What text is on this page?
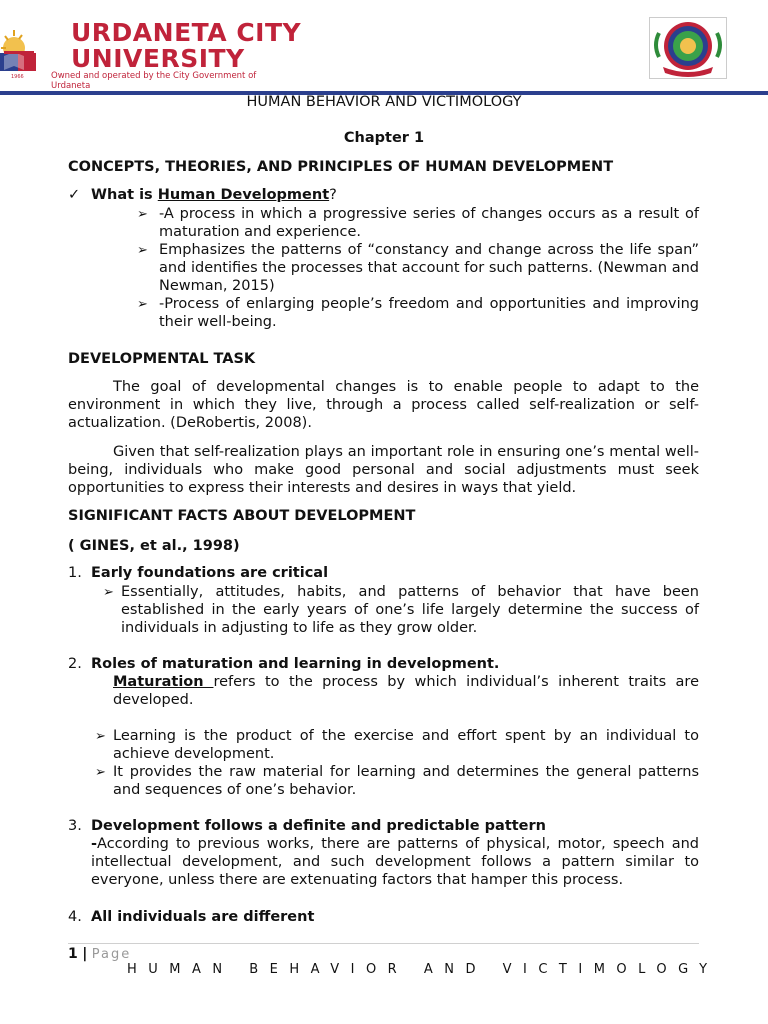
1966
URDANETA CITY
UNIVERSITY
Owned and operated by the City Government of Urdaneta
HUMAN BEHAVIOR AND VICTIMOLOGY
Chapter 1
CONCEPTS, THEORIES, AND PRINCIPLES OF HUMAN DEVELOPMENT
✓ What is Human Development?
➢ -A process in which a progressive series of changes occurs as a result of maturation and experience.
➢ Emphasizes the patterns of “constancy and change across the life span” and identifies the processes that account for such patterns. (Newman and Newman, 2015)
➢ -Process of enlarging people’s freedom and opportunities and improving their well-being.
DEVELOPMENTAL TASK
The goal of developmental changes is to enable people to adapt to the environment in which they live, through a process called self-realization or self-actualization. (DeRobertis, 2008).
Given that self-realization plays an important role in ensuring one’s mental well-being, individuals who make good personal and social adjustments must seek opportunities to express their interests and desires in ways that yield.
SIGNIFICANT FACTS ABOUT DEVELOPMENT
( GINES, et al., 1998)
1. Early foundations are critical
➢ Essentially, attitudes, habits, and patterns of behavior that have been established in the early years of one’s life largely determine the success of individuals in adjusting to life as they grow older.
2. Roles of maturation and learning in development.
Maturation refers to the process by which individual’s inherent traits are developed.
➢ Learning is the product of the exercise and effort spent by an individual to achieve development.
➢ It provides the raw material for learning and determines the general patterns and sequences of one’s behavior.
3. Development follows a definite and predictable pattern
-According to previous works, there are patterns of physical, motor, speech and intellectual development, and such development follows a pattern similar to everyone, unless there are extenuating factors that hamper this process.
4. All individuals are different
1 | Page
HUMAN BEHAVIOR AND VICTIMOLOGY
